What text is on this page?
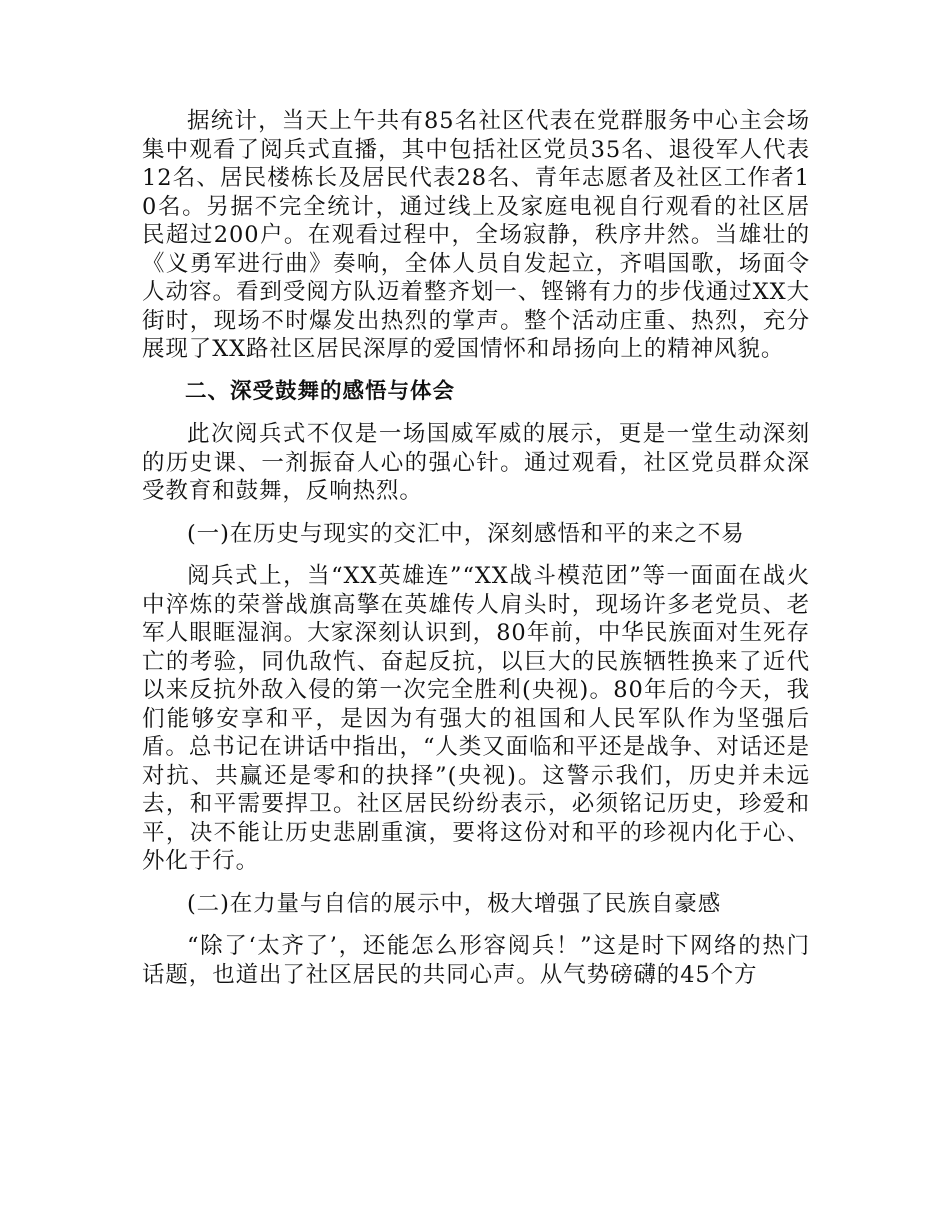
据统计，当天上午共有85名社区代表在党群服务中心主会场集中观看了阅兵式直播，其中包括社区党员35名、退役军人代表12名、居民楼栋长及居民代表28名、青年志愿者及社区工作者10名。另据不完全统计，通过线上及家庭电视自行观看的社区居民超过200户。在观看过程中，全场寂静，秩序井然。当雄壮的《义勇军进行曲》奏响，全体人员自发起立，齐唱国歌，场面令人动容。看到受阅方队迈着整齐划一、铿锵有力的步伐通过XX大街时，现场不时爆发出热烈的掌声。整个活动庄重、热烈，充分展现了XX路社区居民深厚的爱国情怀和昂扬向上的精神风貌。

二、深受鼓舞的感悟与体会

此次阅兵式不仅是一场国威军威的展示，更是一堂生动深刻的历史课、一剂振奋人心的强心针。通过观看，社区党员群众深受教育和鼓舞，反响热烈。

(一)在历史与现实的交汇中，深刻感悟和平的来之不易

阅兵式上，当“XX英雄连”“XX战斗模范团”等一面面在战火中淬炼的荣誉战旗高擎在英雄传人肩头时，现场许多老党员、老军人眼眶湿润。大家深刻认识到，80年前，中华民族面对生死存亡的考验，同仇敌忾、奋起反抗，以巨大的民族牺牲换来了近代以来反抗外敌入侵的第一次完全胜利(央视)。80年后的今天，我们能够安享和平，是因为有强大的祖国和人民军队作为坚强后盾。总书记在讲话中指出，“人类又面临和平还是战争、对话还是对抗、共赢还是零和的抉择”(央视)。这警示我们，历史并未远去，和平需要捍卫。社区居民纷纷表示，必须铭记历史，珍爱和平，决不能让历史悲剧重演，要将这份对和平的珍视内化于心、外化于行。

(二)在力量与自信的展示中，极大增强了民族自豪感

“除了‘太齐了’，还能怎么形容阅兵！”这是时下网络的热门话题，也道出了社区居民的共同心声。从气势磅礴的45个方
